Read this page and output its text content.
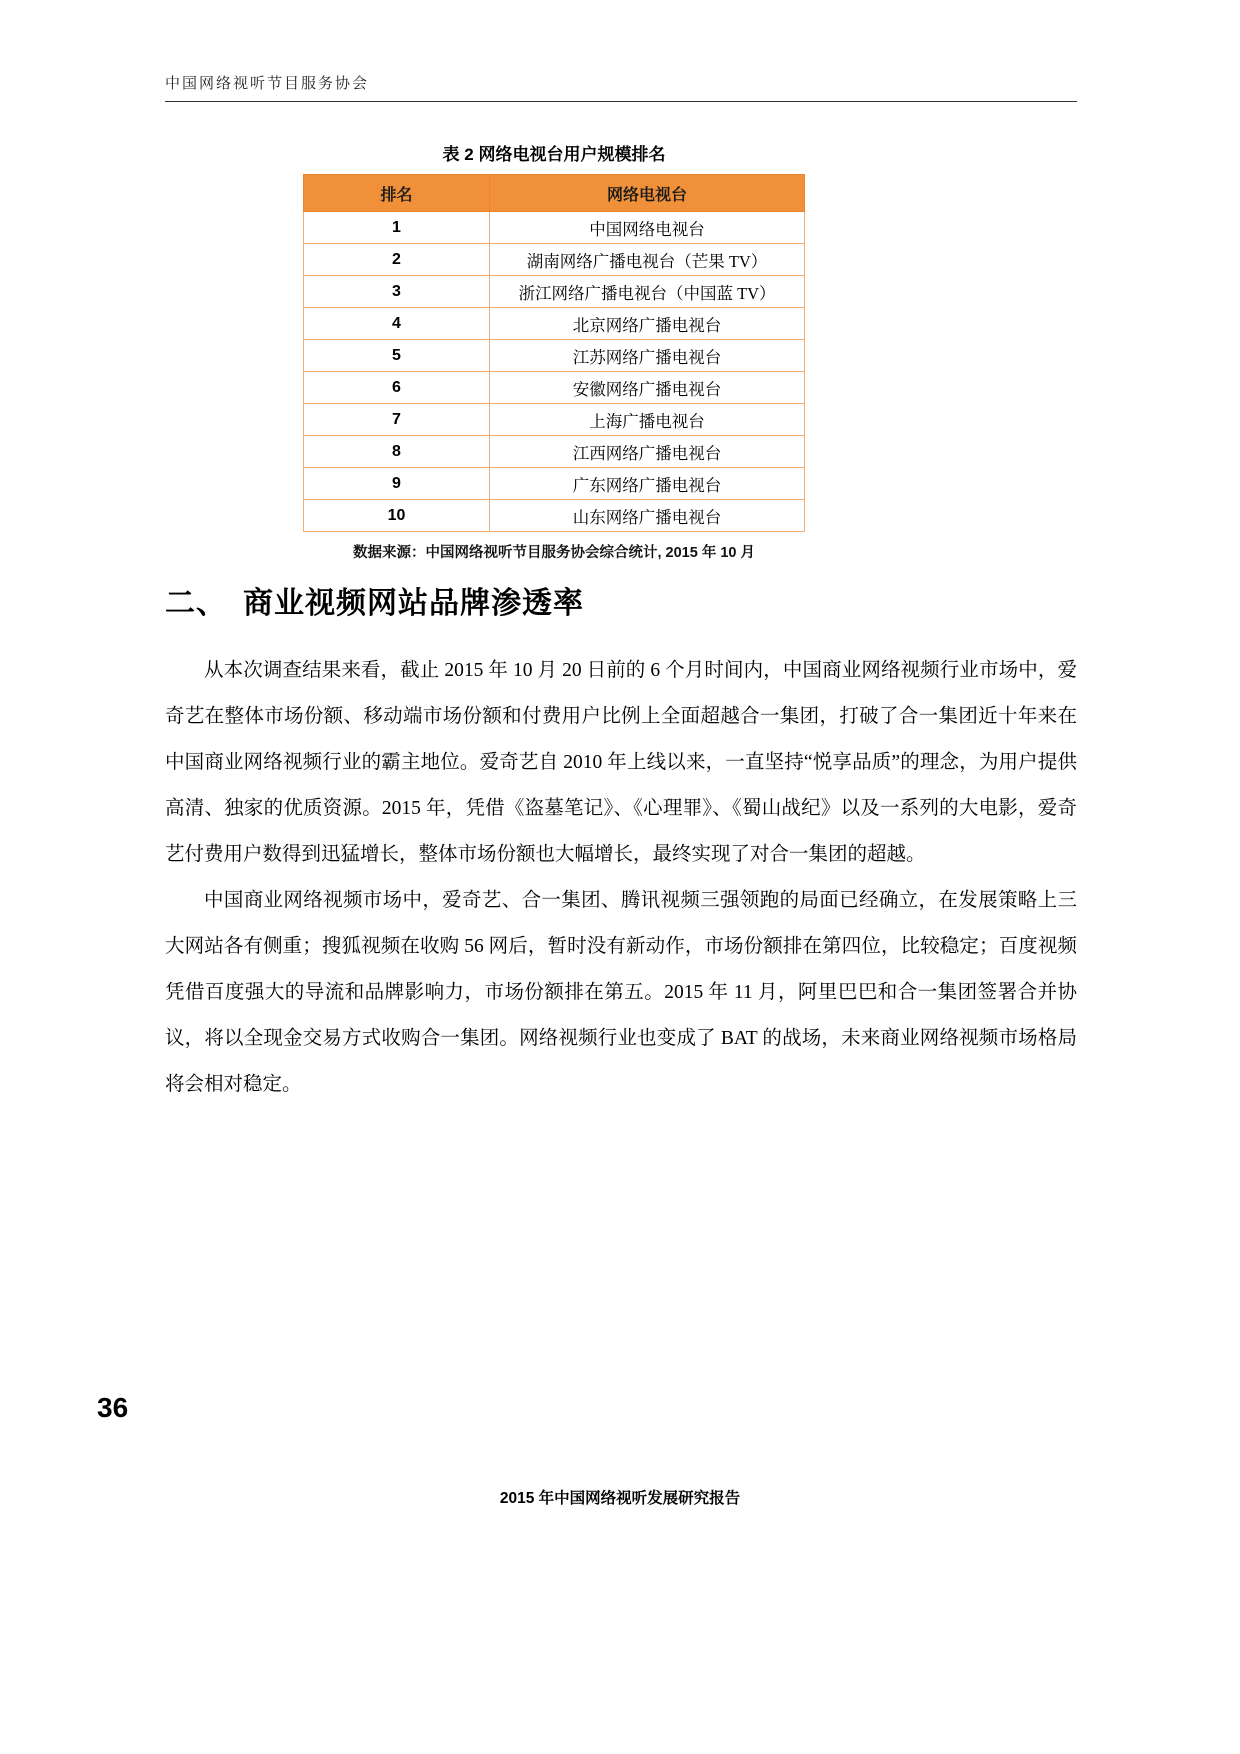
中国网络视听节目服务协会
表 2 网络电视台用户规模排名
排名	网络电视台
1	中国网络电视台
2	湖南网络广播电视台（芒果 TV）
3	浙江网络广播电视台（中国蓝 TV）
4	北京网络广播电视台
5	江苏网络广播电视台
6	安徽网络广播电视台
7	上海广播电视台
8	江西网络广播电视台
9	广东网络广播电视台
10	山东网络广播电视台
数据来源：中国网络视听节目服务协会综合统计, 2015 年 10 月
二、　商业视频网站品牌渗透率

从本次调查结果来看，截止 2015 年 10 月 20 日前的 6 个月时间内，中国商业网络视频行业市场中，爱奇艺在整体市场份额、移动端市场份额和付费用户比例上全面超越合一集团，打破了合一集团近十年来在中国商业网络视频行业的霸主地位。爱奇艺自 2010 年上线以来，一直坚持“悦享品质”的理念，为用户提供高清、独家的优质资源。2015 年，凭借《盗墓笔记》、《心理罪》、《蜀山战纪》以及一系列的大电影，爱奇艺付费用户数得到迅猛增长，整体市场份额也大幅增长，最终实现了对合一集团的超越。

中国商业网络视频市场中，爱奇艺、合一集团、腾讯视频三强领跑的局面已经确立，在发展策略上三大网站各有侧重；搜狐视频在收购 56 网后，暂时没有新动作，市场份额排在第四位，比较稳定；百度视频凭借百度强大的导流和品牌影响力，市场份额排在第五。2015 年 11 月，阿里巴巴和合一集团签署合并协议，将以全现金交易方式收购合一集团。网络视频行业也变成了 BAT 的战场，未来商业网络视频市场格局将会相对稳定。

36
2015 年中国网络视听发展研究报告
